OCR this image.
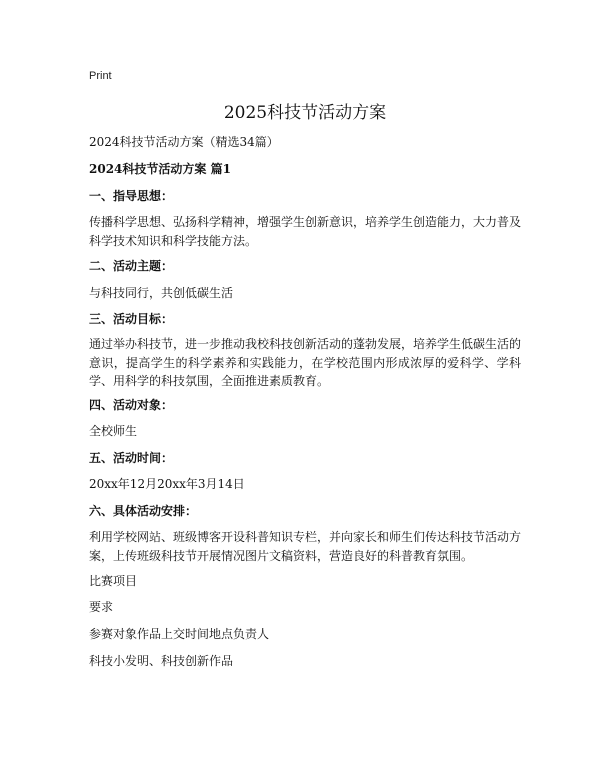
Print
2025科技节活动方案
2024科技节活动方案（精选34篇）
2024科技节活动方案 篇1
一、指导思想：
传播科学思想、弘扬科学精神，增强学生创新意识，培养学生创造能力，大力普及科学技术知识和科学技能方法。
二、活动主题：
与科技同行，共创低碳生活
三、活动目标：
通过举办科技节，进一步推动我校科技创新活动的蓬勃发展，培养学生低碳生活的意识，提高学生的科学素养和实践能力，在学校范围内形成浓厚的爱科学、学科学、用科学的科技氛围，全面推进素质教育。
四、活动对象：
全校师生
五、活动时间：
20xx年12月20xx年3月14日
六、具体活动安排：
利用学校网站、班级博客开设科普知识专栏，并向家长和师生们传达科技节活动方案，上传班级科技节开展情况图片文稿资料，营造良好的科普教育氛围。
比赛项目
要求
参赛对象作品上交时间地点负责人
科技小发明、科技创新作品
